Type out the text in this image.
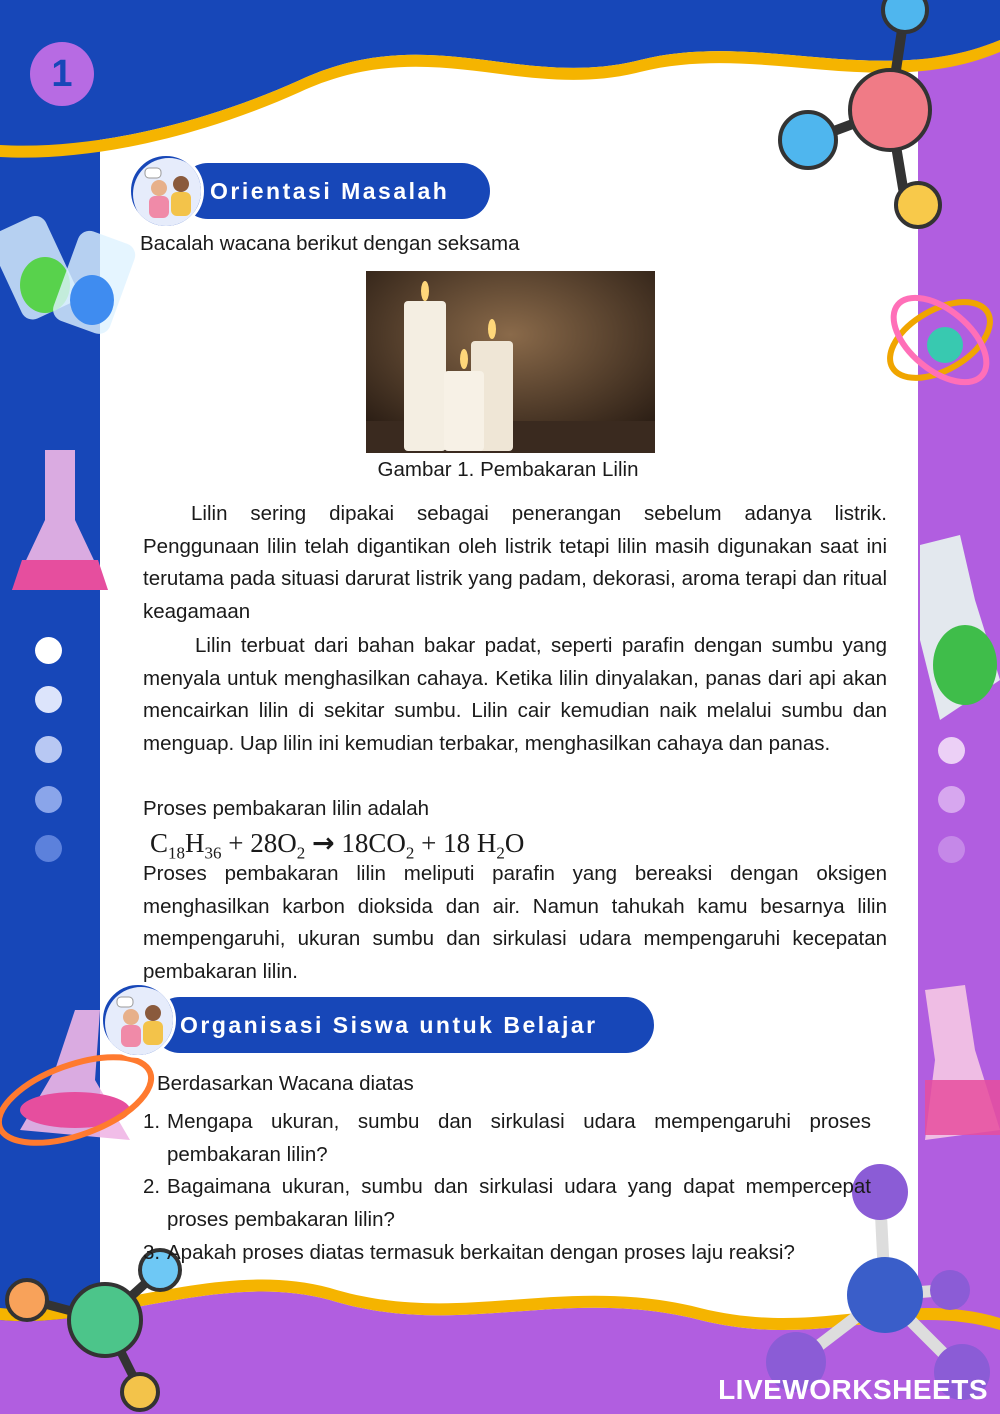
1
Orientasi Masalah
Bacalah wacana berikut dengan seksama
Gambar 1. Pembakaran Lilin
Lilin sering dipakai sebagai penerangan sebelum adanya listrik. Penggunaan lilin telah digantikan oleh listrik tetapi lilin masih digunakan saat ini terutama pada situasi darurat listrik yang padam, dekorasi, aroma terapi dan ritual keagamaan
Lilin terbuat dari bahan bakar padat, seperti parafin dengan sumbu yang menyala untuk menghasilkan cahaya. Ketika lilin dinyalakan, panas dari api akan mencairkan lilin di sekitar sumbu. Lilin cair kemudian naik melalui sumbu dan menguap. Uap lilin ini kemudian terbakar, menghasilkan cahaya dan panas.
Proses pembakaran lilin adalah
$C_{18}H_{36} + 28O_2 \to 18CO_2 + 18$ $H_2O$
Proses pembakaran lilin meliputi parafin yang bereaksi dengan oksigen menghasilkan karbon dioksida dan air. Namun tahukah kamu besarnya lilin mempengaruhi, ukuran sumbu dan sirkulasi udara mempengaruhi kecepatan pembakaran lilin.
Organisasi Siswa untuk Belajar
Berdasarkan Wacana diatas
1. Mengapa ukuran, sumbu dan sirkulasi udara mempengaruhi proses pembakaran lilin?
2. Bagaimana ukuran, sumbu dan sirkulasi udara yang dapat mempercepat proses pembakaran lilin?
3. Apakah proses diatas termasuk berkaitan dengan proses laju reaksi?
LIVEWORKSHEETS
